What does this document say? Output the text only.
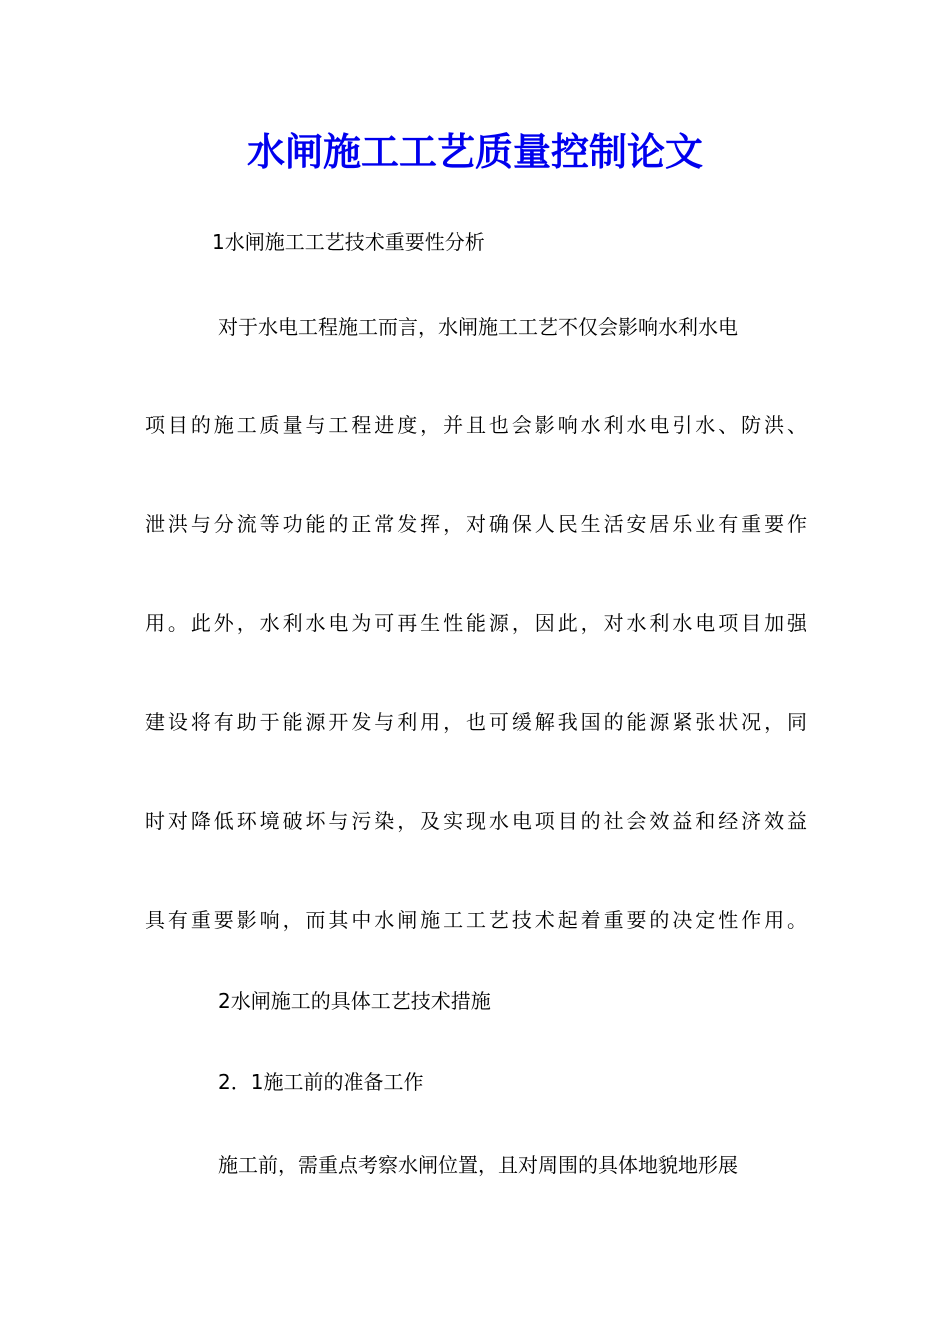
水闸施工工艺质量控制论文
1水闸施工工艺技术重要性分析
对于水电工程施工而言，水闸施工工艺不仅会影响水利水电
项目的施工质量与工程进度，并且也会影响水利水电引水、防洪、
泄洪与分流等功能的正常发挥，对确保人民生活安居乐业有重要作
用。此外，水利水电为可再生性能源，因此，对水利水电项目加强
建设将有助于能源开发与利用，也可缓解我国的能源紧张状况，同
时对降低环境破坏与污染，及实现水电项目的社会效益和经济效益
具有重要影响，而其中水闸施工工艺技术起着重要的决定性作用。
2水闸施工的具体工艺技术措施
2．1施工前的准备工作
施工前，需重点考察水闸位置，且对周围的具体地貌地形展
